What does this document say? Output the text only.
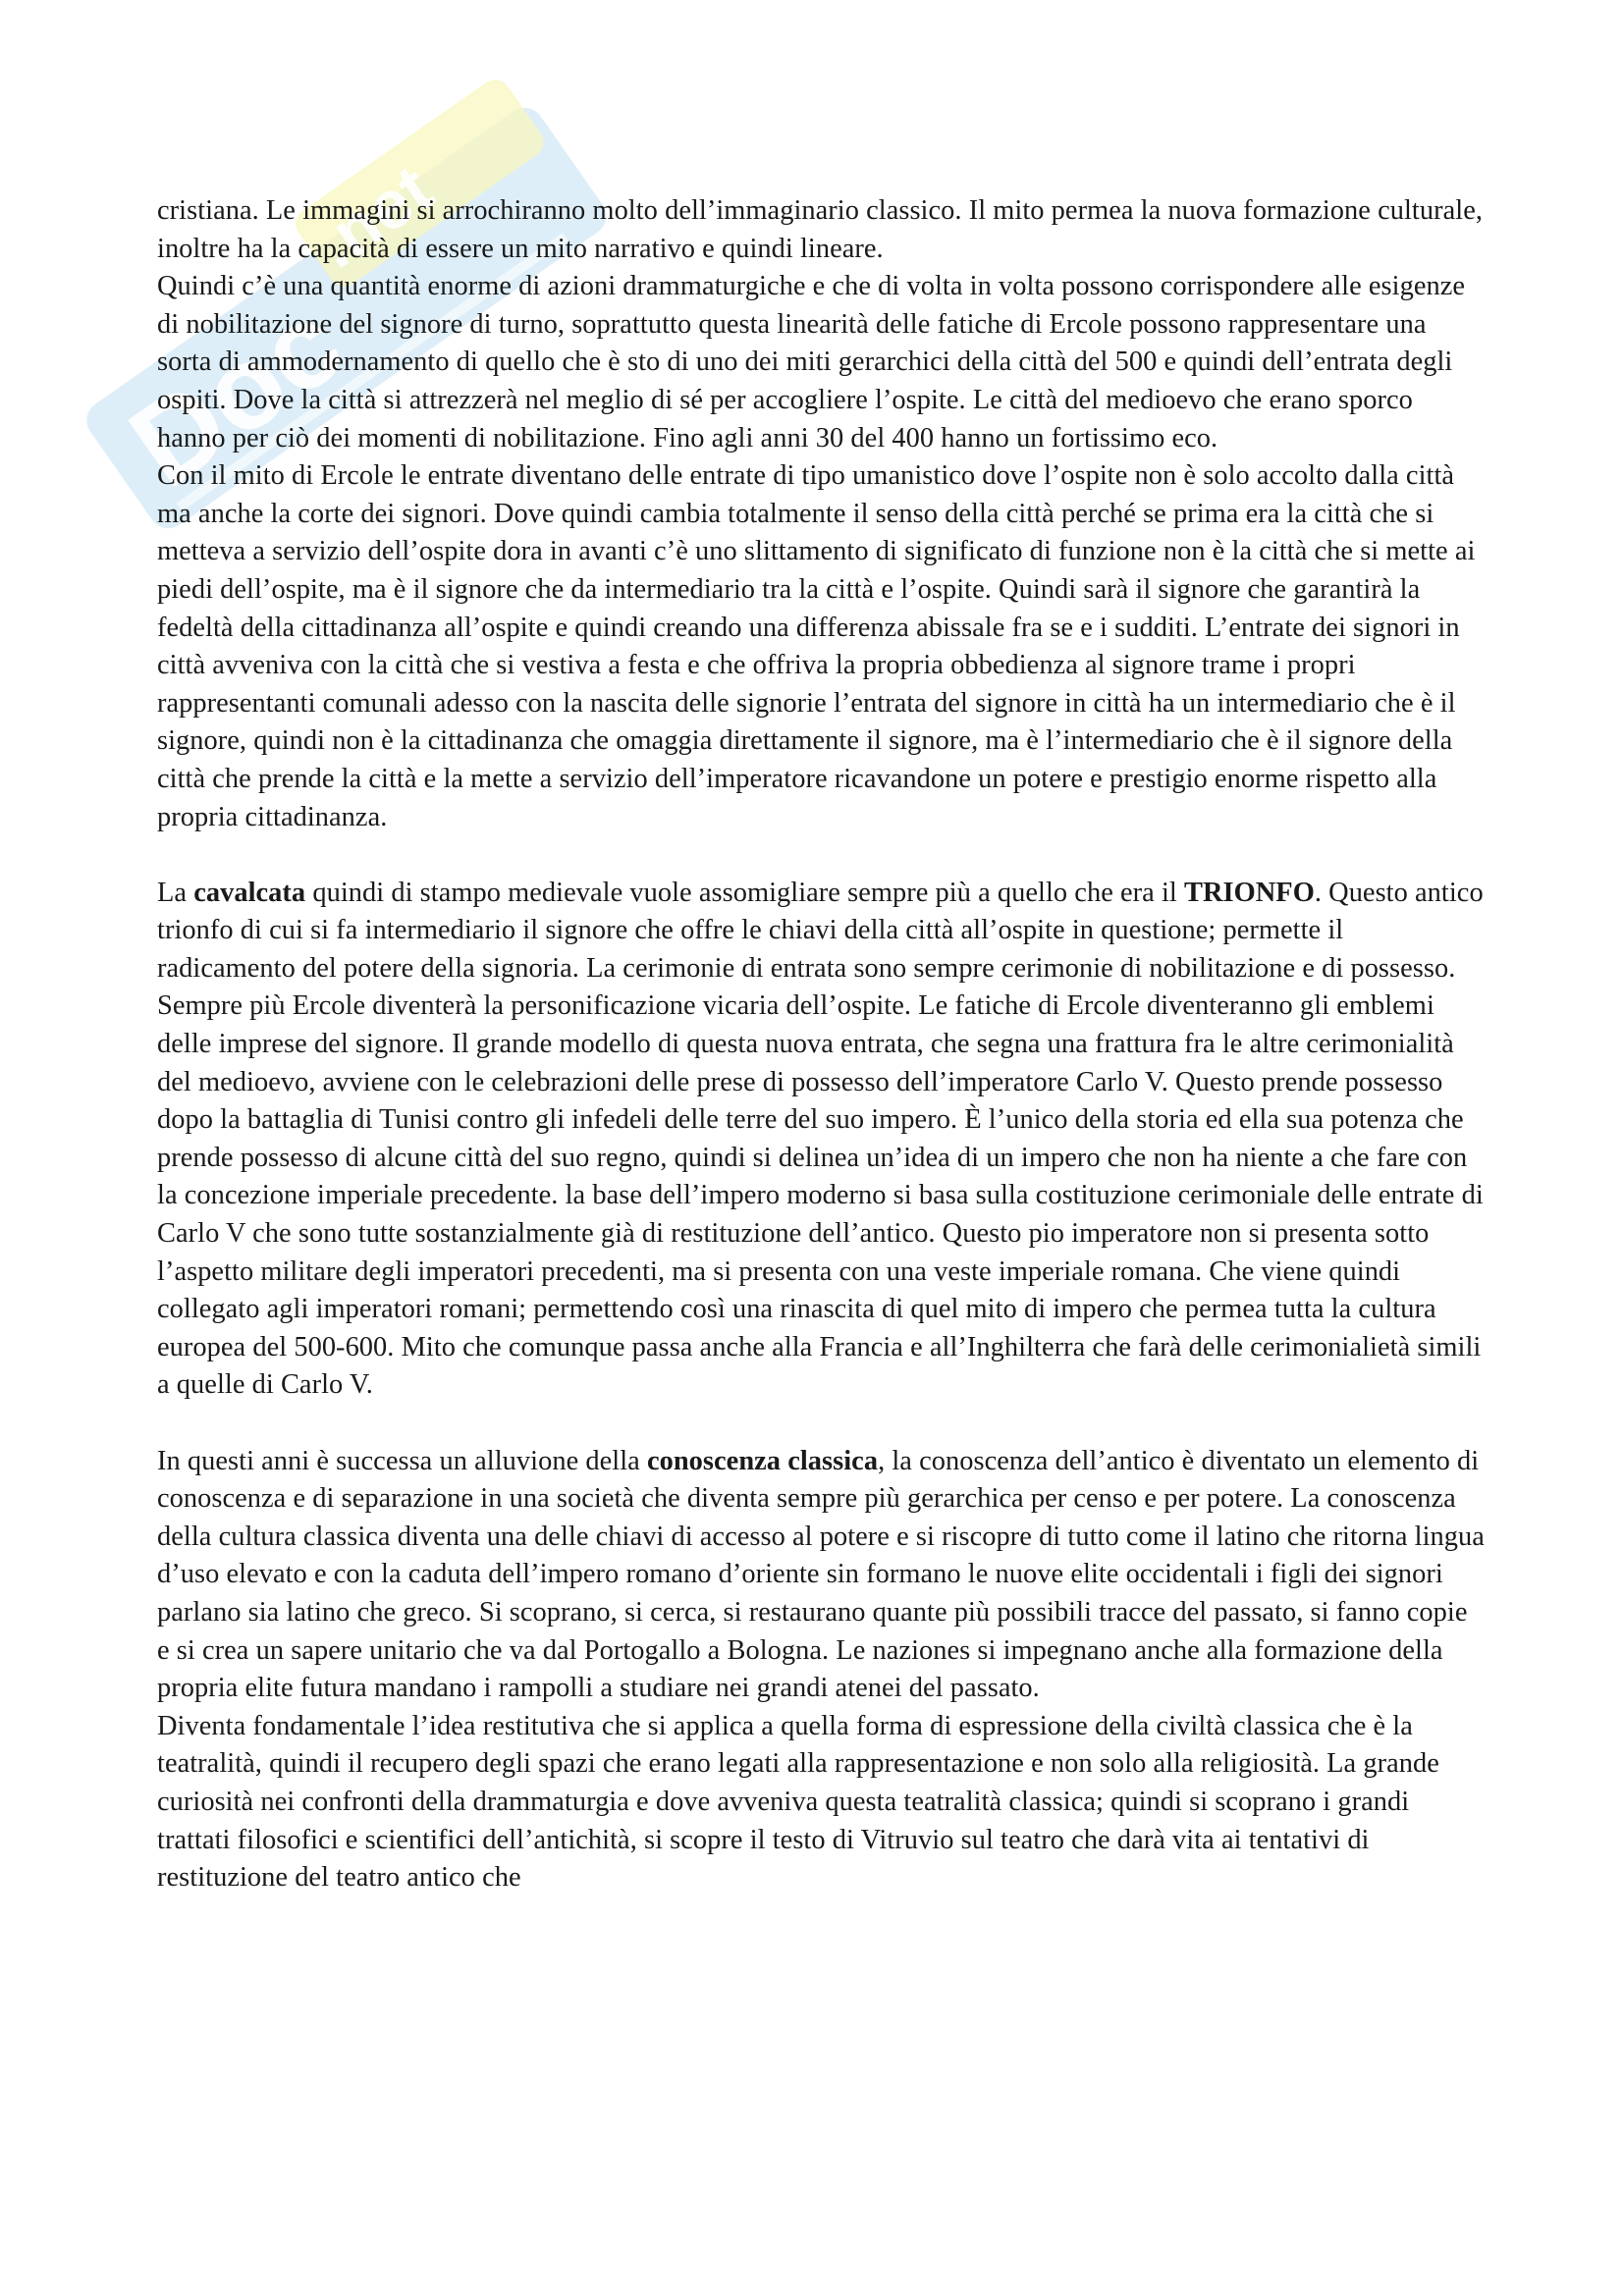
Doc
.net

cristiana. Le immagini si arrochiranno molto dell’immaginario classico. Il mito permea la nuova formazione culturale, inoltre ha la capacità di essere un mito narrativo e quindi lineare.

Quindi c’è una quantità enorme di azioni drammaturgiche e che di volta in volta possono corrispondere alle esigenze di nobilitazione del signore di turno, soprattutto questa linearità delle fatiche di Ercole possono rappresentare una sorta di ammodernamento di quello che è sto di uno dei miti gerarchici della città del 500 e quindi dell’entrata degli ospiti. Dove la città si attrezzerà nel meglio di sé per accogliere l’ospite. Le città del medioevo che erano sporco hanno per ciò dei momenti di nobilitazione. Fino agli anni 30 del 400 hanno un fortissimo eco.

Con il mito di Ercole le entrate diventano delle entrate di tipo umanistico dove l’ospite non è solo accolto dalla città ma anche la corte dei signori. Dove quindi cambia totalmente il senso della città perché se prima era la città che si metteva a servizio dell’ospite dora in avanti c’è uno slittamento di significato di funzione non è la città che si mette ai piedi dell’ospite, ma è il signore che da intermediario tra la città e l’ospite. Quindi sarà il signore che garantirà la fedeltà della cittadinanza all’ospite e quindi creando una differenza abissale fra se e i sudditi. L’entrate dei signori in città avveniva con la città che si vestiva a festa e che offriva la propria obbedienza al signore trame i propri rappresentanti comunali adesso con la nascita delle signorie l’entrata del signore in città ha un intermediario che è il signore, quindi non è la cittadinanza che omaggia direttamente il signore, ma è l’intermediario che è il signore della città che prende la città e la mette a servizio dell’imperatore ricavandone un potere e prestigio enorme rispetto alla propria cittadinanza.

La cavalcata quindi di stampo medievale vuole assomigliare sempre più a quello che era il TRIONFO. Questo antico trionfo di cui si fa intermediario il signore che offre le chiavi della città all’ospite in questione; permette il radicamento del potere della signoria. La cerimonie di entrata sono sempre cerimonie di nobilitazione e di possesso. Sempre più Ercole diventerà la personificazione vicaria dell’ospite. Le fatiche di Ercole diventeranno gli emblemi delle imprese del signore. Il grande modello di questa nuova entrata, che segna una frattura fra le altre cerimonialità del medioevo, avviene con le celebrazioni delle prese di possesso dell’imperatore Carlo V. Questo prende possesso dopo la battaglia di Tunisi contro gli infedeli delle terre del suo impero. È l’unico della storia ed ella sua potenza che prende possesso di alcune città del suo regno, quindi si delinea un’idea di un impero che non ha niente a che fare con la concezione imperiale precedente. la base dell’impero moderno si basa sulla costituzione cerimoniale delle entrate di Carlo V che sono tutte sostanzialmente già di restituzione dell’antico. Questo pio imperatore non si presenta sotto l’aspetto militare degli imperatori precedenti, ma si presenta con una veste imperiale romana. Che viene quindi collegato agli imperatori romani; permettendo così una rinascita di quel mito di impero che permea tutta la cultura europea del 500-600. Mito che comunque passa anche alla Francia e all’Inghilterra che farà delle cerimonialietà simili a quelle di Carlo V.

In questi anni è successa un alluvione della conoscenza classica, la conoscenza dell’antico è diventato un elemento di conoscenza e di separazione in una società che diventa sempre più gerarchica per censo e per potere. La conoscenza della cultura classica diventa una delle chiavi di accesso al potere e si riscopre di tutto come il latino che ritorna lingua d’uso elevato e con la caduta dell’impero romano d’oriente sin formano le nuove elite occidentali i figli dei signori parlano sia latino che greco. Si scoprano, si cerca, si restaurano quante più possibili tracce del passato, si fanno copie e si crea un sapere unitario che va dal Portogallo a Bologna. Le naziones si impegnano anche alla formazione della propria elite futura mandano i rampolli a studiare nei grandi atenei del passato.

Diventa fondamentale l’idea restitutiva che si applica a quella forma di espressione della civiltà classica che è la teatralità, quindi il recupero degli spazi che erano legati alla rappresentazione e non solo alla religiosità. La grande curiosità nei confronti della drammaturgia e dove avveniva questa teatralità classica; quindi si scoprano i grandi trattati filosofici e scientifici dell’antichità, si scopre il testo di Vitruvio sul teatro che darà vita ai tentativi di restituzione del teatro antico che
